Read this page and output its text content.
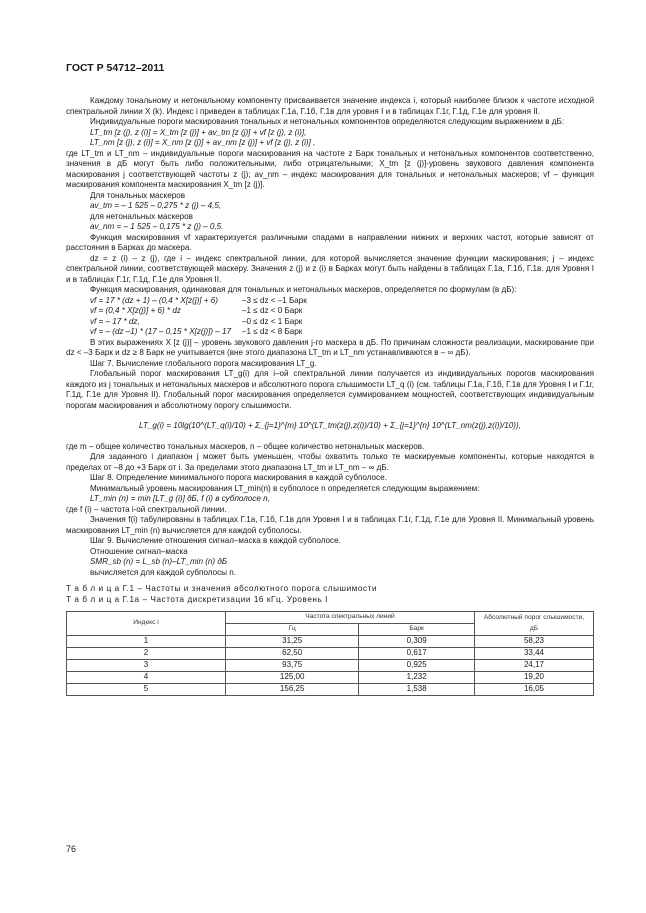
ГОСТ Р 54712–2011

Каждому тональному и нетональному компоненту присваивается значение индекса i, который наиболее близок к частоте исходной спектральной линии X (k). Индекс i приведен в таблицах Г.1а, Г.1б, Г.1в для уровня I и в таблицах Г.1г, Г.1д, Г.1е для уровня II.

Индивидуальные пороги маскирования тональных и нетональных компонентов определяются следующим выражением в дБ:

LT_tm [z (j), z (i)] = X_tm [z (j)] + av_tm [z (j)] + vf [z (j), z (i)],

LT_nm [z (j), z (i)] = X_nm [z (j)] + av_nm [z (j)] + vf [z (j), z (i)] ,

где LT_tm и LT_nm – индивидуальные пороги маскирования на частоте z Барк тональных и нетональных компонентов соответственно, значения в дБ могут быть либо положительными, либо отрицательными; X_tm [z (j)]-уровень звукового давления компонента маскирования j соответствующей частоты z (j); av_nm – индекс маскирования для тональных и нетональных маскеров; vf – функция маскирования компонента маскирования X_tm [z (j)].

Для тональных маскеров

av_tm = – 1 525 – 0,275 * z (j) – 4,5,

для нетональных маскеров

av_nm = – 1 525 – 0,175 * z (j) – 0,5.

Функция маскирования vf характеризуется различными спадами в направлении нижних и верхних частот, которые зависят от расстояния в Барках до маскера.

dz = z (i) – z (j), где i – индекс спектральной линии, для которой вычисляется значение функции маскирования; j – индекс спектральной линии, соответствующей маскеру. Значения z (j) и z (i) в Барках могут быть найдены в таблицах Г.1а, Г.1б, Г.1в. для Уровня I и в таблицах Г.1г, Г.1д, Г.1е для Уровня II.

Функция маскирования, одинаковая для тональных и нетональных маскеров, определяется по формулам (в дБ):

vf = 17 * (dz + 1) – (0,4 * X[z(j)] + 6)	–3 ≤ dz < –1 Барк
vf = (0,4 * X[z(j)] + 6) * dz	–1 ≤ dz < 0 Барк
vf = – 17 * dz,	–0 ≤ dz < 1 Барк
vf = – (dz –1) * (17 – 0,15 * X[z(j)]) – 17	–1 ≤ dz < 8 Барк

В этих выражениях X [z (j)] – уровень звукового давления j-го маскера в дБ. По причинам сложности реализации, маскирование при dz < –3 Барк и dz ≥ 8 Барк не учитывается (вне этого диапазона LT_tm и LT_nm устанавливаются в – ∞ дБ).

Шаг 7. Вычисление глобального порога маскирования LT_g.

Глобальный порог маскирования LT_g(i) для i–ой спектральной линии получается из индивидуальных порогов маскирования каждого из j тональных и нетональных маскеров и абсолютного порога слышимости LT_q (i) (см. таблицы Г.1а, Г.1б, Г.1в для Уровня I и Г.1г, Г.1д, Г.1е для Уровня II). Глобальный порог маскирования определяется суммированием мощностей, соответствующих индивидуальным порогам маскирования и абсолютному порогу слышимости.

LT_g(i) = 10lg(10^(LT_q(i)/10) + Σ_{j=1}^{m} 10^(LT_tm(z(j),z(i))/10) + Σ_{j=1}^{n} 10^(LT_nm(z(j),z(i))/10)),

где m – общее количество тональных маскеров, n – общее количество нетональных маскеров.

Для заданного i диапазон j может быть уменьшен, чтобы охватить только те маскируемые компоненты, которые находятся в пределах от –8 до +3 Барк от i. За пределами этого диапазона LT_tm и LT_nm – ∞ дБ.

Шаг 8. Определение минимального порога маскирования в каждой субполосе.

Минимальный уровень маскирования LT_min(n) в субполосе n определяется следующим выражением:

LT_min (n) = min [LT_g (i)] дБ, f (i) в субполосе n,

где f (i) – частота i-ой спектральной линии.

Значения f(i) табулированы в таблицах Г.1а, Г.1б, Г.1в для Уровня I и в таблицах Г.1г, Г.1д, Г.1е для Уровня II. Минимальный уровень маскирования LT_min (n) вычисляется для каждой субполосы.

Шаг 9. Вычисление отношения сигнал–маска в каждой субполосе.

Отношение сигнал–маска

SMR_sb (n) = L_sb (n)–LT_min (n) дБ

вычисляется для каждой субполосы n.

Т а б л и ц а Г.1 – Частоты и значения абсолютного порога слышимости

Т а б л и ц а Г.1а – Частота дискретизации 16 кГц. Уровень I

Индекс i	Частота спектральных линий		Абсолютный порог слышимости, дБ
	Гц	Барк	
1	31,25	0,309	58,23
2	62,50	0,617	33,44
3	93,75	0,925	24,17
4	125,00	1,232	19,20
5	156,25	1,538	16,05
76
